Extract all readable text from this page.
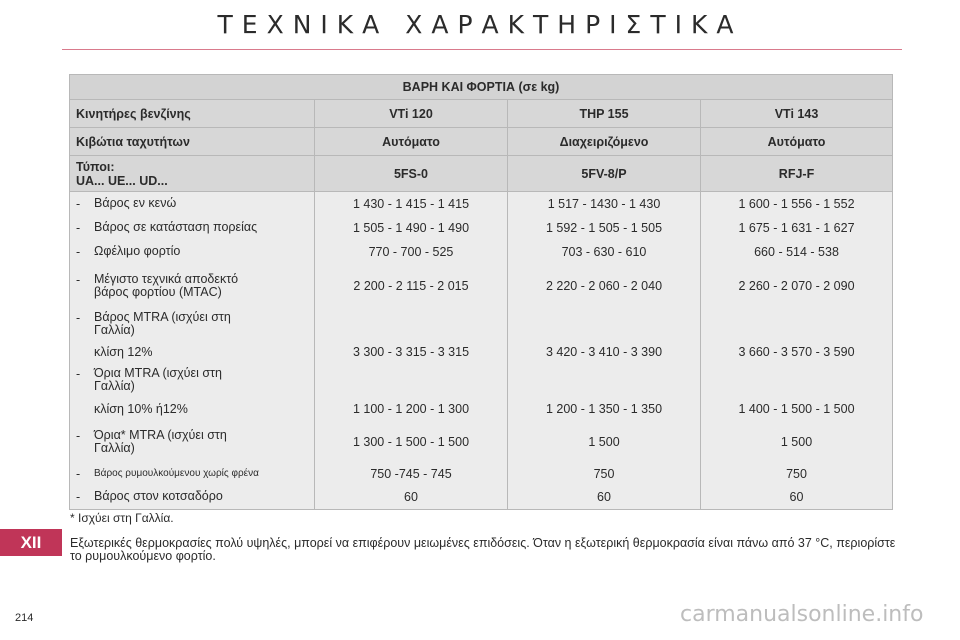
ΤΕΧΝΙΚΑ ΧΑΡΑΚΤΗΡΙΣΤΙΚΑ
ΒΑΡΗ ΚΑΙ ΦΟΡΤΙΑ (σε kg)			
Κινητήρες βενζίνης	VTi 120	THP 155	VTi 143
Κιβώτια ταχυτήτων	Αυτόματο	Διαχειριζόμενο	Αυτόματο

Τύποι:
UA... UE... UD...	5FS-0	5FV-8/P	RFJ-F

- Βάρος εν κενώ	1 430 - 1 415 - 1 415	1 517 - 1430 - 1 430	1 600 - 1 556 - 1 552

- Βάρος σε κατάσταση πορείας	1 505 - 1 490 - 1 490	1 592 - 1 505 - 1 505	1 675 - 1 631 - 1 627

- Ωφέλιμο φορτίο	770 - 700 - 525	703 - 630 - 610	660 - 514 - 538

- Μέγιστο τεχνικά αποδεκτό
βάρος φορτίου (MTAC)	2 200 - 2 115 - 2 015	2 220 - 2 060 - 2 040	2 260 - 2 070 - 2 090

- Βάρος MTRA (ισχύει στη
Γαλλία)			

κλίση 12%	3 300 - 3 315 - 3 315	3 420 - 3 410 - 3 390	3 660 - 3 570 - 3 590

- Όρια MTRA (ισχύει στη
Γαλλία)			

κλίση 10% ή12%	1 100 - 1 200 - 1 300	1 200 - 1 350 - 1 350	1 400 - 1 500 - 1 500

- Όρια* MTRA (ισχύει στη
Γαλλία)	1 300 - 1 500 - 1 500	1 500	1 500

- Βάρος ρυμουλκούμενου χωρίς φρένα	750 -745 - 745	750	750

- Βάρος στον κοτσαδόρο	60	60	60
* Ισχύει στη Γαλλία.
Εξωτερικές θερμοκρασίες πολύ υψηλές, μπορεί να επιφέρουν μειωμένες επιδόσεις. Όταν η εξωτερική θερμοκρασία είναι πάνω από 37 °C, περιορίστε το ρυμουλκούμενο φορτίο.
XII
214	carmanualsonline.info
